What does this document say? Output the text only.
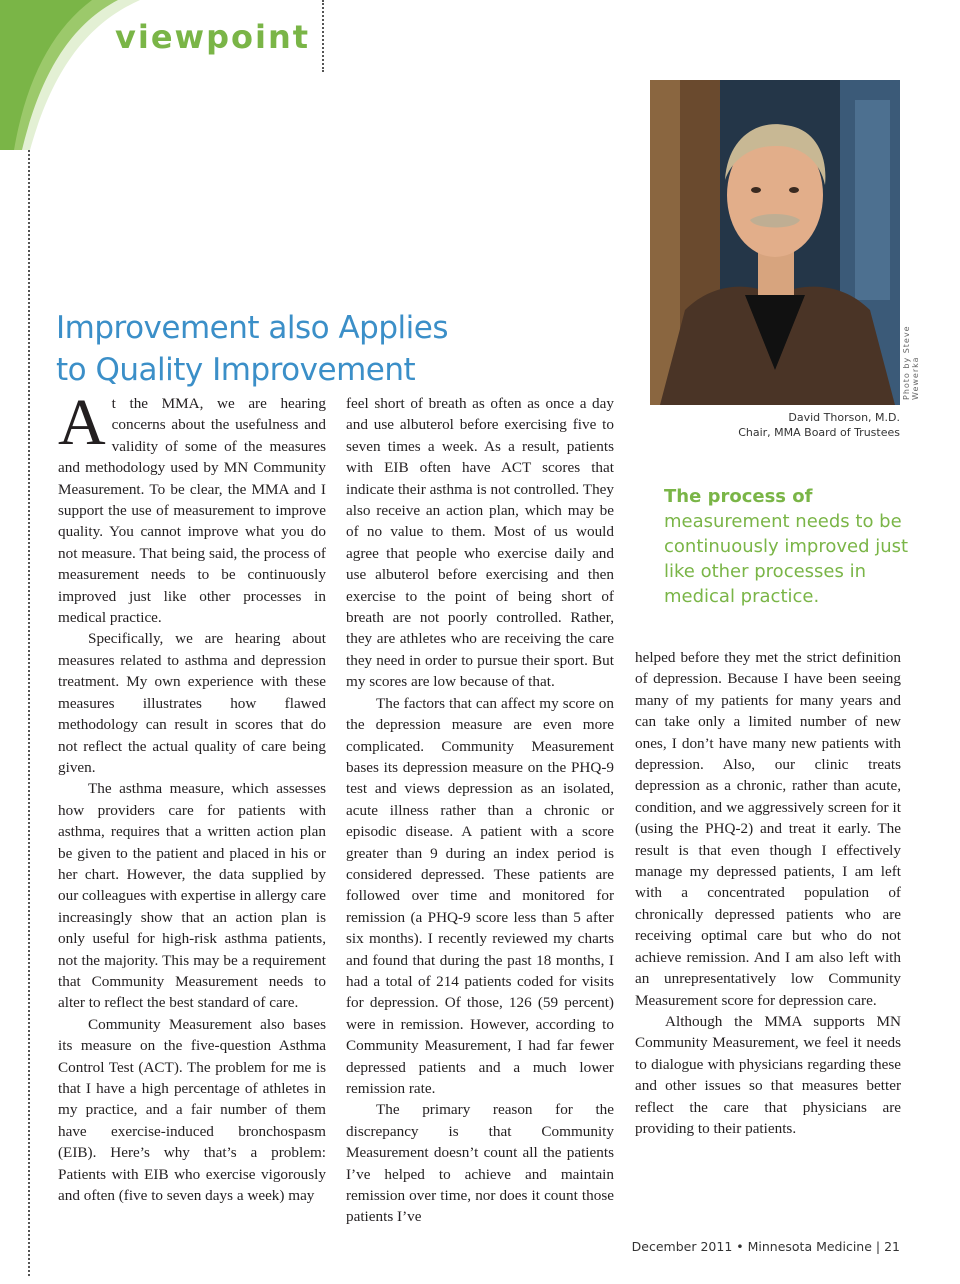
viewpoint
Improvement also Applies
to Quality Improvement	Photo by Steve Wewerka
David Thorson, M.D.
Chair, MMA Board of Trustees
The process of measurement needs to be continuously improved just like other processes in medical practice.

At the MMA, we are hearing concerns about the usefulness and validity of some of the measures and methodology used by MN Community Measurement. To be clear, the MMA and I support the use of measurement to improve quality. You cannot improve what you do not measure. That being said, the process of measurement needs to be continuously improved just like other processes in medical practice.

Specifically, we are hearing about measures related to asthma and depression treatment. My own experience with these measures illustrates how flawed methodology can result in scores that do not reflect the actual quality of care being given.

The asthma measure, which assesses how providers care for patients with asthma, requires that a written action plan be given to the patient and placed in his or her chart. However, the data supplied by our colleagues with expertise in allergy care increasingly show that an action plan is only useful for high-risk asthma patients, not the majority. This may be a requirement that Community Measurement needs to alter to reflect the best standard of care.

Community Measurement also bases its measure on the five-question Asthma Control Test (ACT). The problem for me is that I have a high percentage of athletes in my practice, and a fair number of them have exercise-induced bronchospasm (EIB). Here’s why that’s a problem: Patients with EIB who exercise vigorously and often (five to seven days a week) may

feel short of breath as often as once a day and use albuterol before exercising five to seven times a week. As a result, patients with EIB often have ACT scores that indicate their asthma is not controlled. They also receive an action plan, which may be of no value to them. Most of us would agree that people who exercise daily and use albuterol before exercising and then exercise to the point of being short of breath are not poorly controlled. Rather, they are athletes who are receiving the care they need in order to pursue their sport. But my scores are low because of that.

The factors that can affect my score on the depression measure are even more complicated. Community Measurement bases its depression measure on the PHQ-9 test and views depression as an isolated, acute illness rather than a chronic or episodic disease. A patient with a score greater than 9 during an index period is considered depressed. These patients are followed over time and monitored for remission (a PHQ-9 score less than 5 after six months). I recently reviewed my charts and found that during the past 18 months, I had a total of 214 patients coded for visits for depression. Of those, 126 (59 percent) were in remission. However, according to Community Measurement, I had far fewer depressed patients and a much lower remission rate.

The primary reason for the discrepancy is that Community Measurement doesn’t count all the patients I’ve helped to achieve and maintain remission over time, nor does it count those patients I’ve

helped before they met the strict definition of depression. Because I have been seeing many of my patients for many years and can take only a limited number of new ones, I don’t have many new patients with depression. Also, our clinic treats depression as a chronic, rather than acute, condition, and we aggressively screen for it (using the PHQ-2) and treat it early. The result is that even though I effectively manage my depressed patients, I am left with a concentrated population of chronically depressed patients who are receiving optimal care but who do not achieve remission. And I am also left with an unrepresentatively low Community Measurement score for depression care.

Although the MMA supports MN Community Measurement, we feel it needs to dialogue with physicians regarding these and other issues so that measures better reflect the care that physicians are providing to their patients.

December 2011 • Minnesota Medicine | 21
